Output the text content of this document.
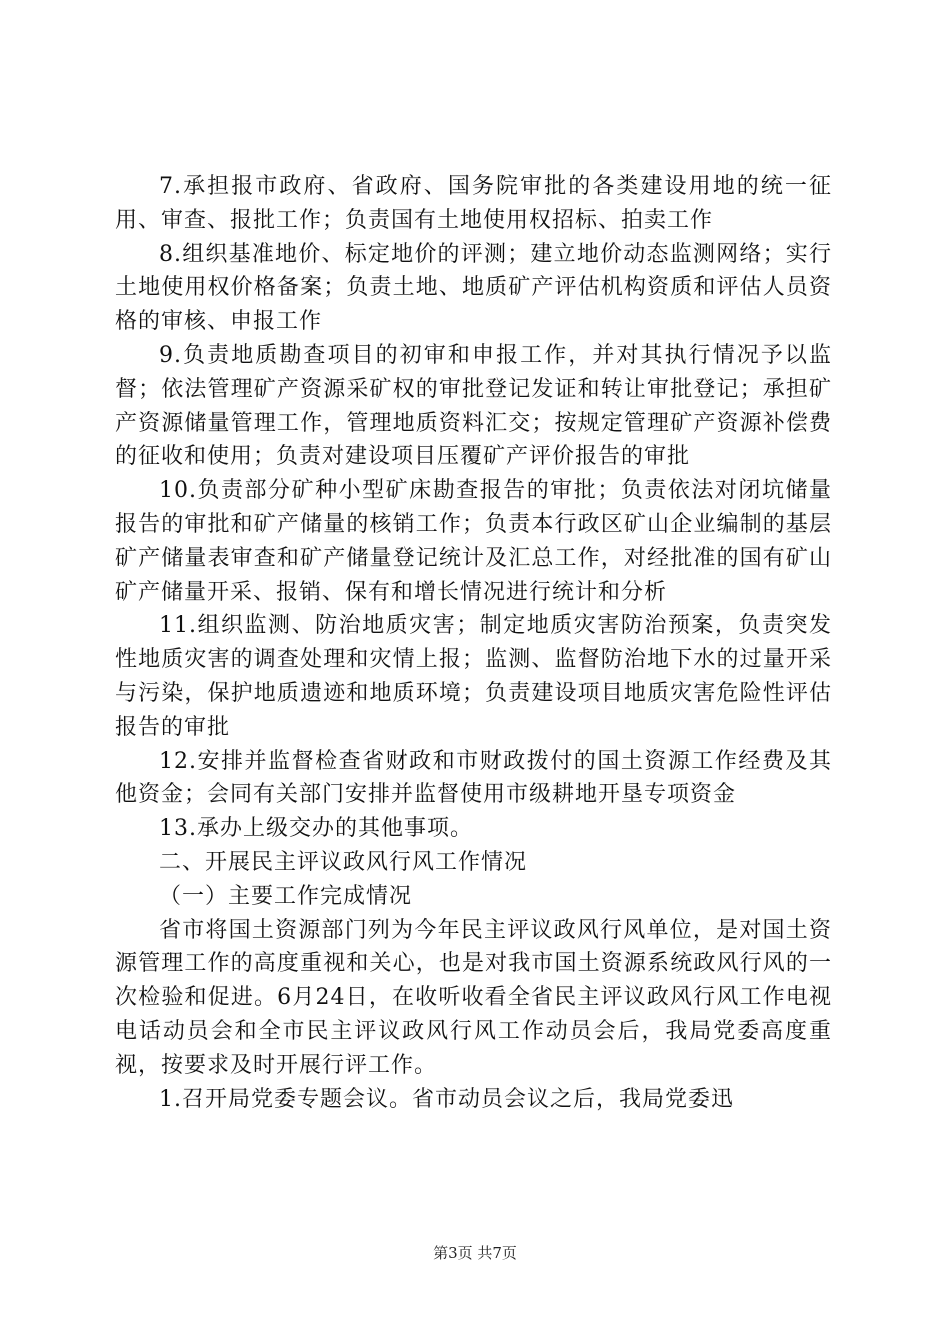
7.承担报市政府、省政府、国务院审批的各类建设用地的统一征用、审查、报批工作；负责国有土地使用权招标、拍卖工作

8.组织基准地价、标定地价的评测；建立地价动态监测网络；实行土地使用权价格备案；负责土地、地质矿产评估机构资质和评估人员资格的审核、申报工作

9.负责地质勘查项目的初审和申报工作，并对其执行情况予以监督；依法管理矿产资源采矿权的审批登记发证和转让审批登记；承担矿产资源储量管理工作，管理地质资料汇交；按规定管理矿产资源补偿费的征收和使用；负责对建设项目压覆矿产评价报告的审批

10.负责部分矿种小型矿床勘查报告的审批；负责依法对闭坑储量报告的审批和矿产储量的核销工作；负责本行政区矿山企业编制的基层矿产储量表审查和矿产储量登记统计及汇总工作，对经批准的国有矿山矿产储量开采、报销、保有和增长情况进行统计和分析

11.组织监测、防治地质灾害；制定地质灾害防治预案，负责突发性地质灾害的调查处理和灾情上报；监测、监督防治地下水的过量开采与污染，保护地质遗迹和地质环境；负责建设项目地质灾害危险性评估报告的审批

12.安排并监督检查省财政和市财政拨付的国土资源工作经费及其他资金；会同有关部门安排并监督使用市级耕地开垦专项资金

13.承办上级交办的其他事项。

二、开展民主评议政风行风工作情况

（一）主要工作完成情况

省市将国土资源部门列为今年民主评议政风行风单位，是对国土资源管理工作的高度重视和关心，也是对我市国土资源系统政风行风的一次检验和促进。6月24日，在收听收看全省民主评议政风行风工作电视电话动员会和全市民主评议政风行风工作动员会后，我局党委高度重视，按要求及时开展行评工作。

1.召开局党委专题会议。省市动员会议之后，我局党委迅

第3页 共7页
